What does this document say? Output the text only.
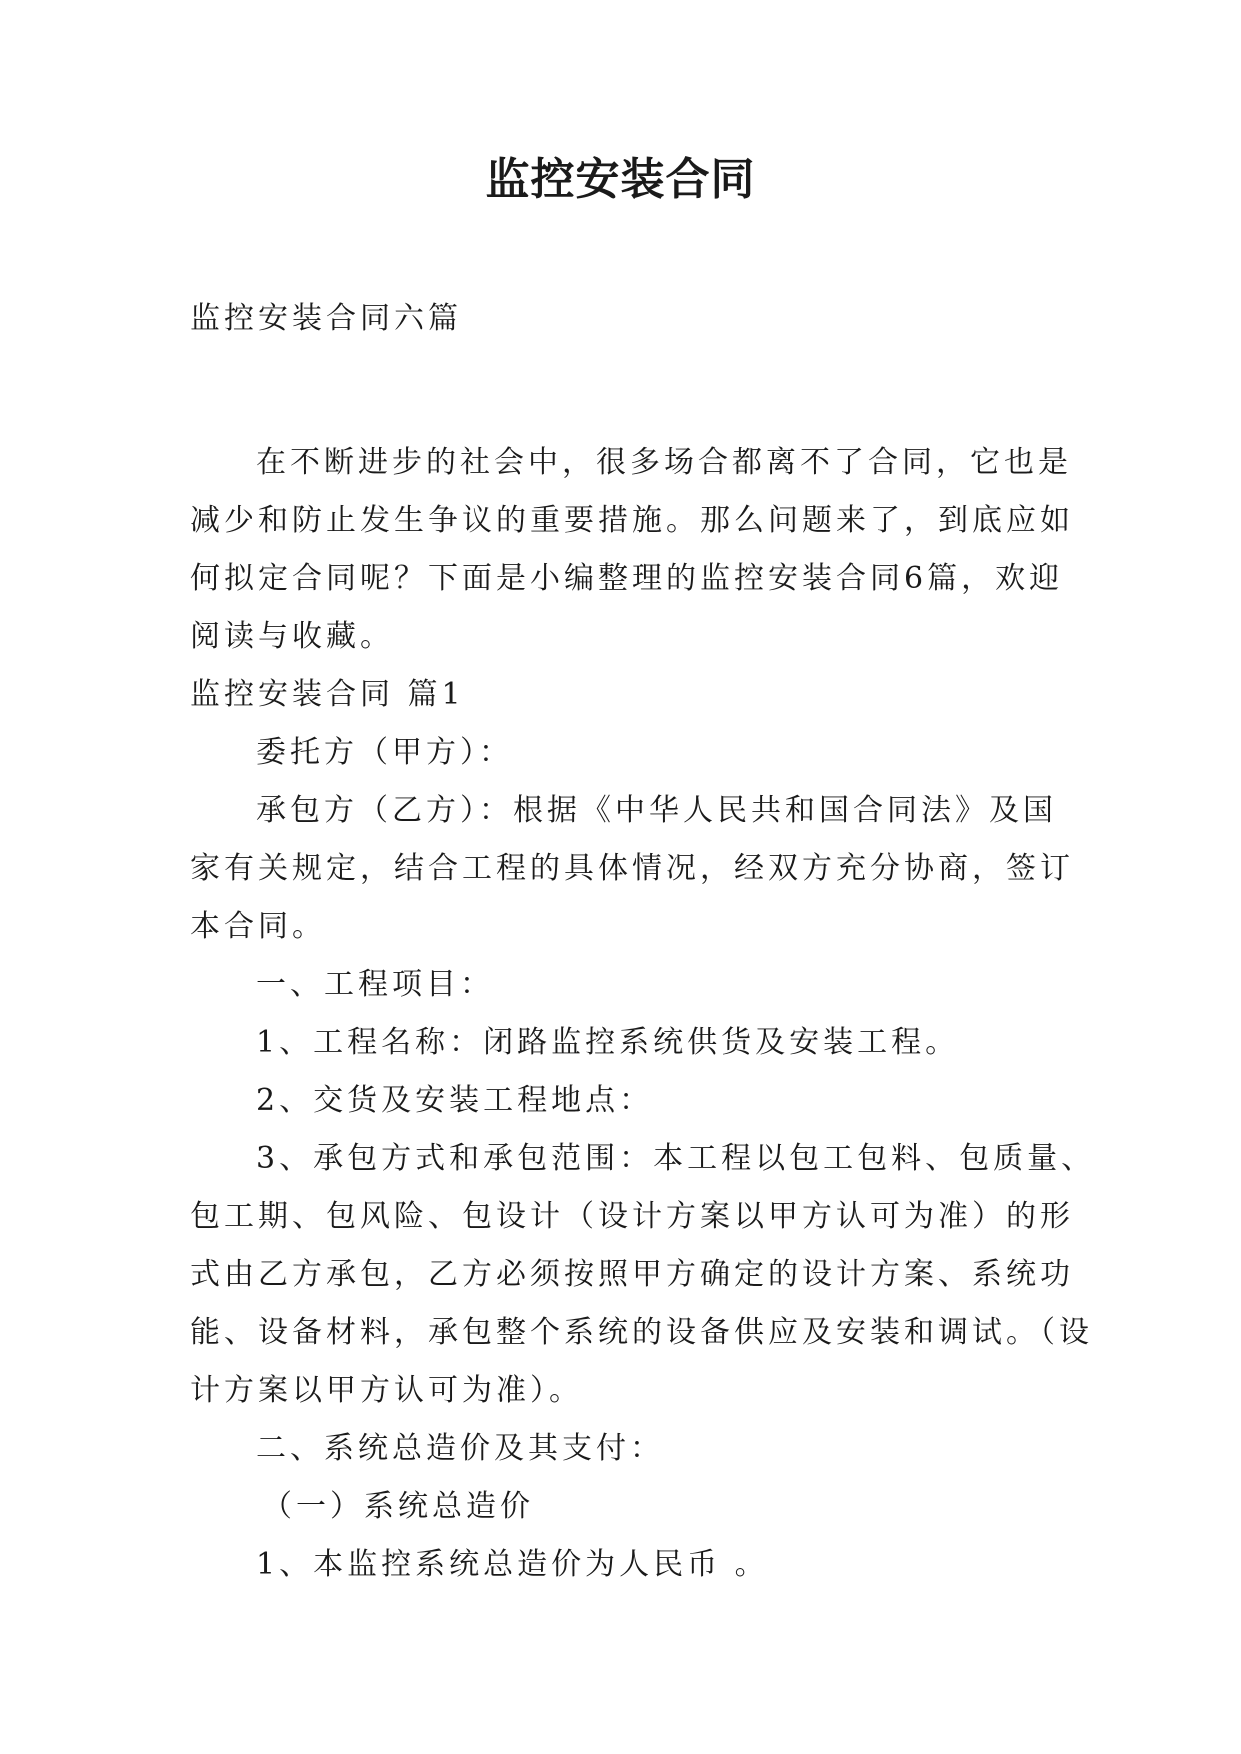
监控安装合同

监控安装合同六篇

在不断进步的社会中，很多场合都离不了合同，它也是

减少和防止发生争议的重要措施。那么问题来了，到底应如

何拟定合同呢？下面是小编整理的监控安装合同6篇，欢迎

阅读与收藏。

监控安装合同 篇1

委托方（甲方）：

承包方（乙方）：根据《中华人民共和国合同法》及国

家有关规定，结合工程的具体情况，经双方充分协商，签订

本合同。

一、工程项目：

1、工程名称：闭路监控系统供货及安装工程。

2、交货及安装工程地点：

3、承包方式和承包范围：本工程以包工包料、包质量、

包工期、包风险、包设计（设计方案以甲方认可为准）的形

式由乙方承包，乙方必须按照甲方确定的设计方案、系统功

能、设备材料，承包整个系统的设备供应及安装和调试。（设

计方案以甲方认可为准）。

二、系统总造价及其支付：

（一）系统总造价

1、本监控系统总造价为人民币 。
